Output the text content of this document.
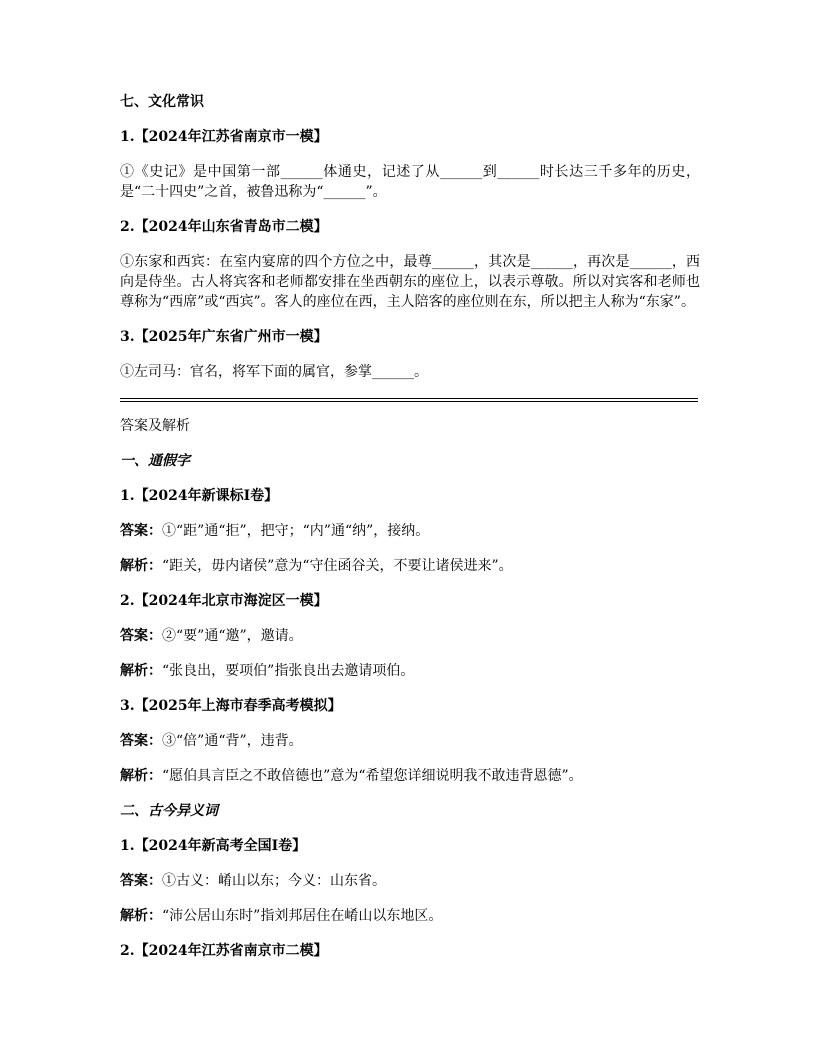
七、文化常识
1.【2024年江苏省南京市一模】
①《史记》是中国第一部______体通史，记述了从______到______时长达三千多年的历史，是“二十四史”之首，被鲁迅称为“______”。
2.【2024年山东省青岛市二模】
①东家和西宾：在室内宴席的四个方位之中，最尊______，其次是______，再次是______，西向是侍坐。古人将宾客和老师都安排在坐西朝东的座位上，以表示尊敬。所以对宾客和老师也尊称为“西席”或“西宾”。客人的座位在西，主人陪客的座位则在东，所以把主人称为“东家”。
3.【2025年广东省广州市一模】
①左司马：官名，将军下面的属官，参掌______。
答案及解析
一、通假字
1.【2024年新课标Ⅰ卷】
答案：①“距”通“拒”，把守；“内”通“纳”，接纳。
解析：“距关，毋内诸侯”意为“守住函谷关，不要让诸侯进来”。
2.【2024年北京市海淀区一模】
答案：②“要”通“邀”，邀请。
解析：“张良出，要项伯”指张良出去邀请项伯。
3.【2025年上海市春季高考模拟】
答案：③“倍”通“背”，违背。
解析：“愿伯具言臣之不敢倍德也”意为“希望您详细说明我不敢违背恩德”。
二、古今异义词
1.【2024年新高考全国Ⅰ卷】
答案：①古义：崤山以东；今义：山东省。
解析：“沛公居山东时”指刘邦居住在崤山以东地区。
2.【2024年江苏省南京市二模】
